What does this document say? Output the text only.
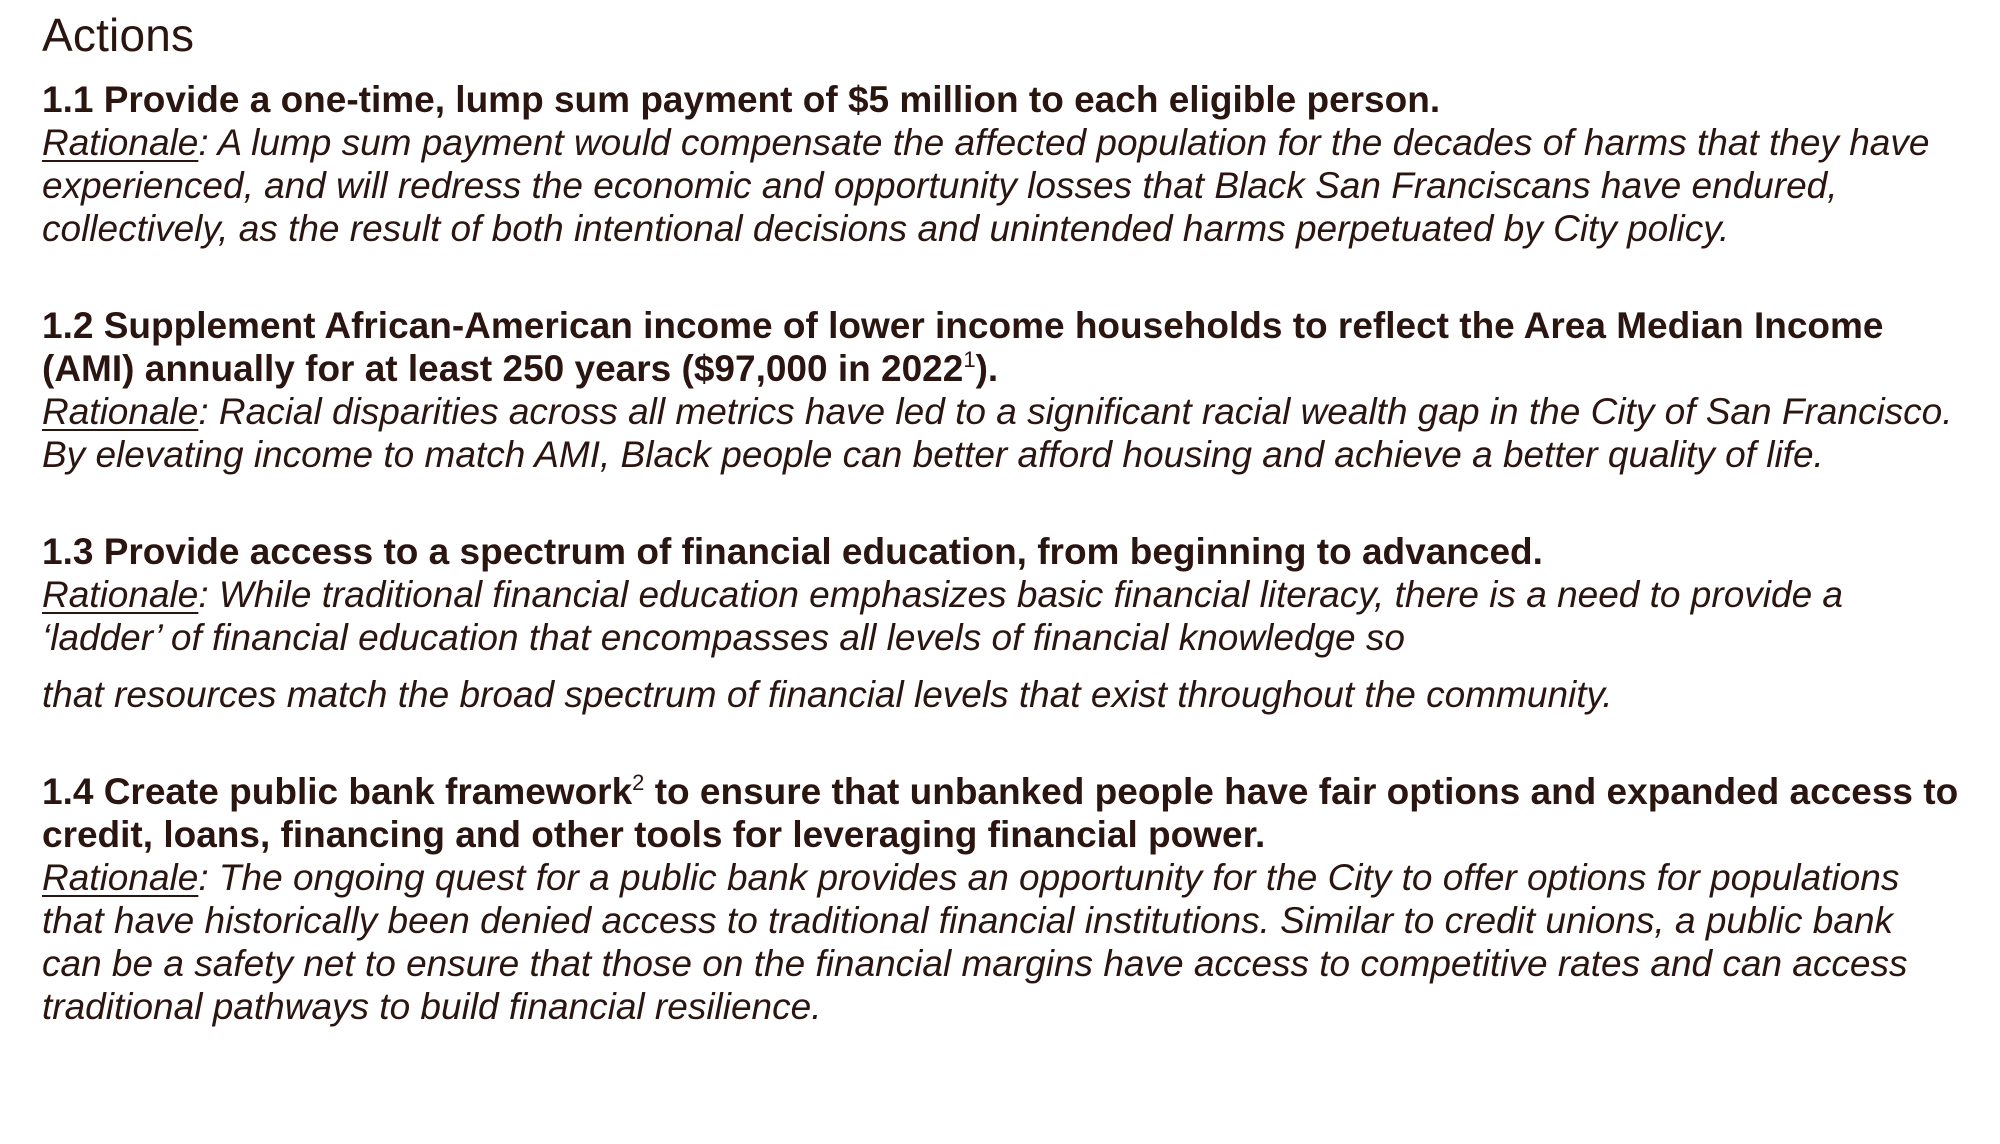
Actions
1.1 Provide a one-time, lump sum payment of $5 million to each eligible person.
Rationale: A lump sum payment would compensate the affected population for the decades of harms that they have experienced, and will redress the economic and opportunity losses that Black San Franciscans have endured, collectively, as the result of both intentional decisions and unintended harms perpetuated by City policy.
1.2 Supplement African-American income of lower income households to reflect the Area Median Income (AMI) annually for at least 250 years ($97,000 in 2022$^1$).
Rationale: Racial disparities across all metrics have led to a significant racial wealth gap in the City of San Francisco. By elevating income to match AMI, Black people can better afford housing and achieve a better quality of life.
1.3 Provide access to a spectrum of financial education, from beginning to advanced.
Rationale: While traditional financial education emphasizes basic financial literacy, there is a need to provide a ‘ladder’ of financial education that encompasses all levels of financial knowledge so
that resources match the broad spectrum of financial levels that exist throughout the community.
1.4 Create public bank framework$^2$ to ensure that unbanked people have fair options and expanded access to credit, loans, financing and other tools for leveraging financial power.
Rationale: The ongoing quest for a public bank provides an opportunity for the City to offer options for populations that have historically been denied access to traditional financial institutions. Similar to credit unions, a public bank can be a safety net to ensure that those on the financial margins have access to competitive rates and can access traditional pathways to build financial resilience.
